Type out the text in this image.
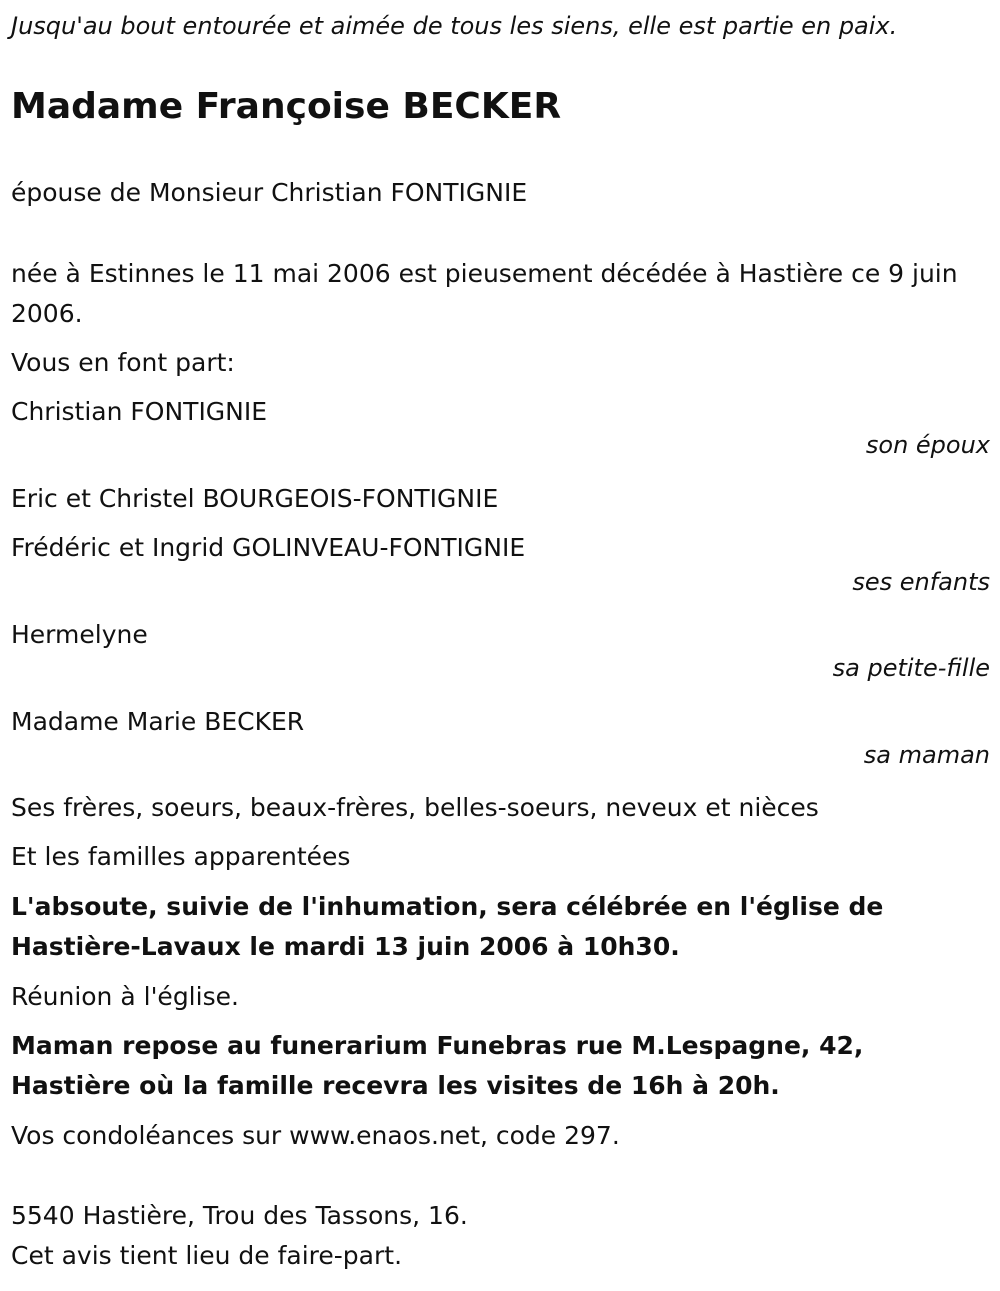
Jusqu'au bout entourée et aimée de tous les siens, elle est partie en paix.
Madame Françoise BECKER
épouse de Monsieur Christian FONTIGNIE
née à Estinnes le 11 mai 2006 est pieusement décédée à Hastière ce 9 juin 2006.
Vous en font part:
Christian FONTIGNIE
son époux
Eric et Christel BOURGEOIS-FONTIGNIE
Frédéric et Ingrid GOLINVEAU-FONTIGNIE
ses enfants
Hermelyne
sa petite-fille
Madame Marie BECKER
sa maman
Ses frères, soeurs, beaux-frères, belles-soeurs, neveux et nièces
Et les familles apparentées
L'absoute, suivie de l'inhumation, sera célébrée en l'église de Hastière-Lavaux le mardi 13 juin 2006 à 10h30.
Réunion à l'église.
Maman repose au funerarium Funebras rue M.Lespagne, 42, Hastière où la famille recevra les visites de 16h à 20h.
Vos condoléances sur www.enaos.net, code 297.
5540 Hastière, Trou des Tassons, 16.
Cet avis tient lieu de faire-part.
